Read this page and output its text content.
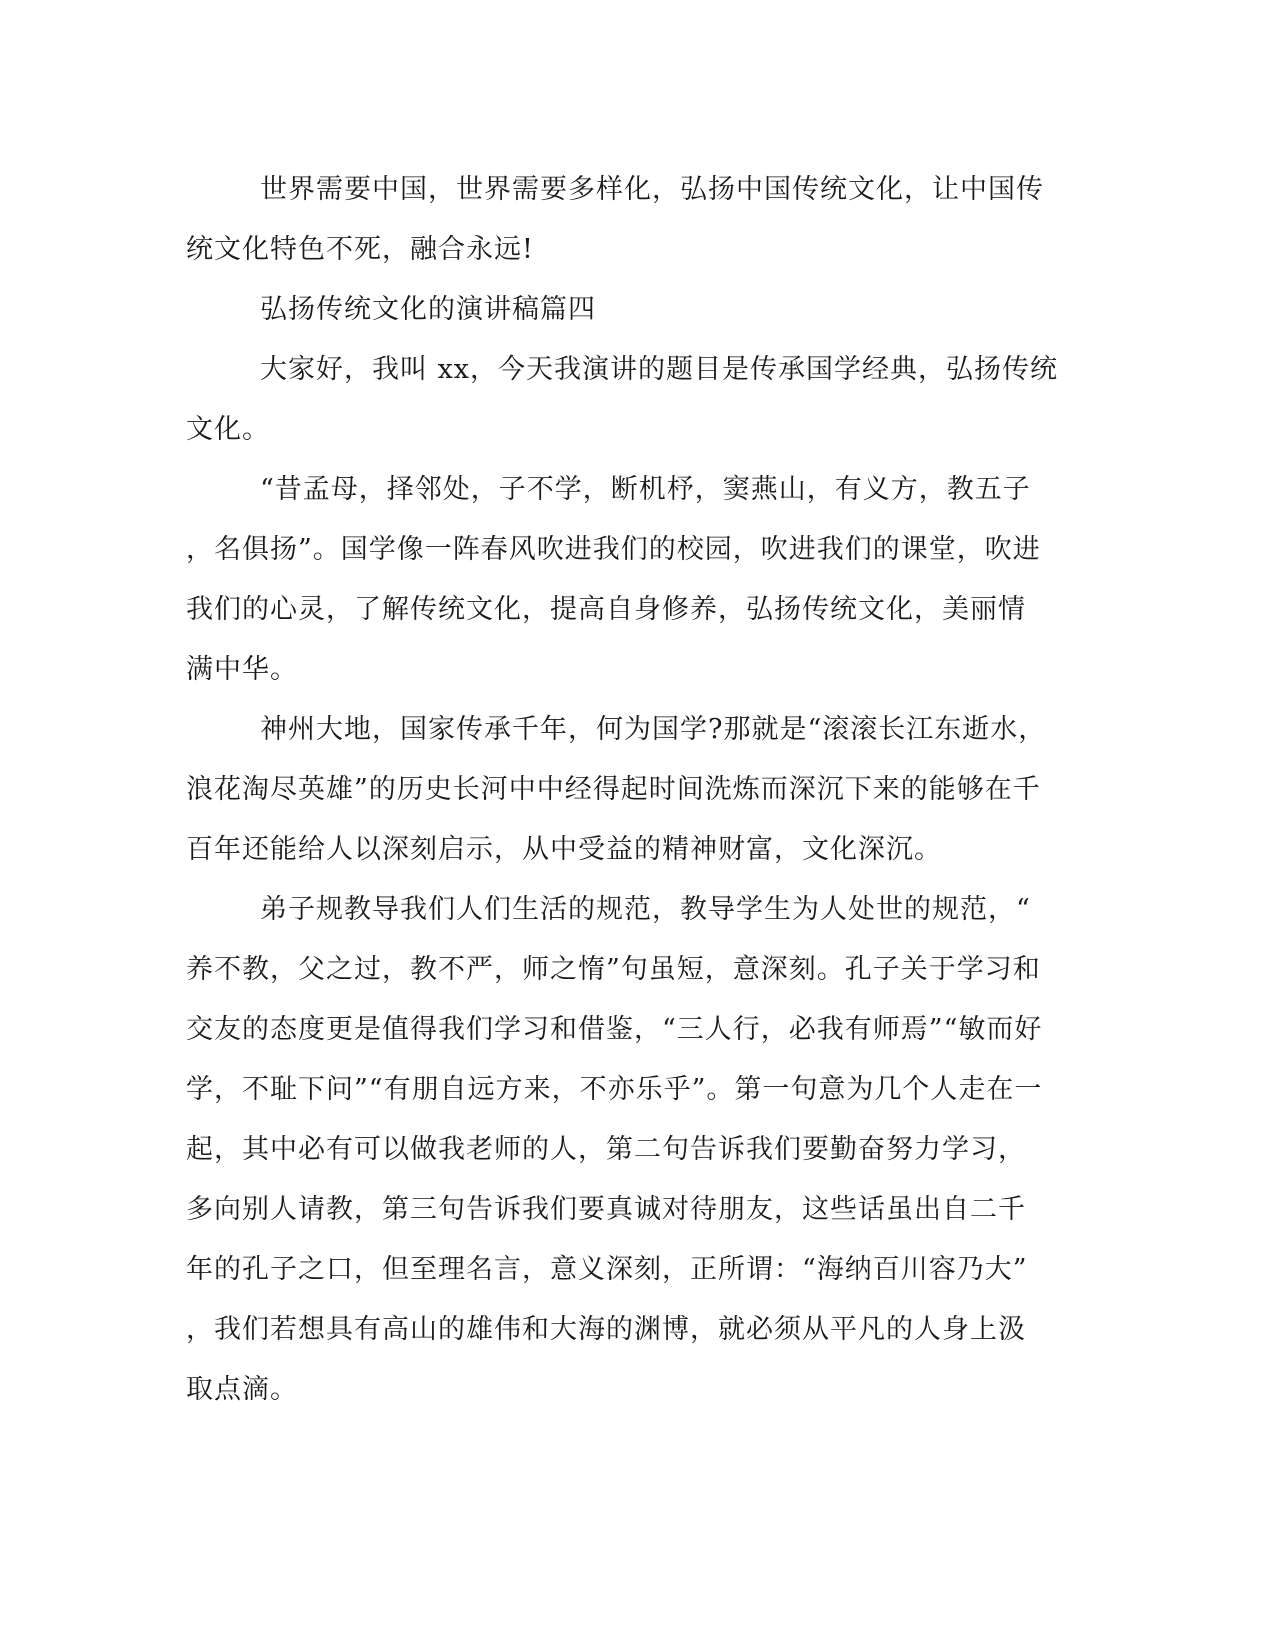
世界需要中国，世界需要多样化，弘扬中国传统文化，让中国传
统文化特色不死，融合永远!
弘扬传统文化的演讲稿篇四
大家好，我叫 xx，今天我演讲的题目是传承国学经典，弘扬传统
文化。
“昔孟母，择邻处，子不学，断机杼，窦燕山，有义方，教五子
，名俱扬”。国学像一阵春风吹进我们的校园，吹进我们的课堂，吹进
我们的心灵，了解传统文化，提高自身修养，弘扬传统文化，美丽情
满中华。
神州大地，国家传承千年，何为国学?那就是“滚滚长江东逝水，
浪花淘尽英雄”的历史长河中中经得起时间洗炼而深沉下来的能够在千
百年还能给人以深刻启示，从中受益的精神财富，文化深沉。
弟子规教导我们人们生活的规范，教导学生为人处世的规范，“
养不教，父之过，教不严，师之惰”句虽短，意深刻。孔子关于学习和
交友的态度更是值得我们学习和借鉴，“三人行，必我有师焉”“敏而好
学，不耻下问”“有朋自远方来，不亦乐乎”。第一句意为几个人走在一
起，其中必有可以做我老师的人，第二句告诉我们要勤奋努力学习，
多向别人请教，第三句告诉我们要真诚对待朋友，这些话虽出自二千
年的孔子之口，但至理名言，意义深刻，正所谓：“海纳百川容乃大”
，我们若想具有高山的雄伟和大海的渊博，就必须从平凡的人身上汲
取点滴。
